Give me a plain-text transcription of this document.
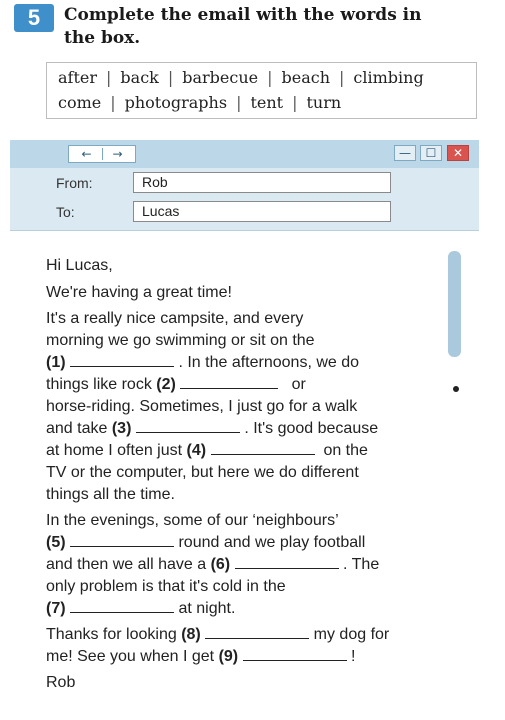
5 Complete the email with the words in
the box.
after | back | barbecue | beach | climbing
come | photographs | tent | turn
←	→	— ☐ ✕
From:	Rob
To:	Lucas
Hi Lucas,
We're having a great time!
It's a really nice campsite, and every
morning we go swimming or sit on the
(1)	. In the afternoons, we do
things like rock (2)	or
horse-riding. Sometimes, I just go for a walk
and take (3)	. It's good because
at home I often just (4)	on the
TV or the computer, but here we do different
things all the time.
In the evenings, some of our ‘neighbours’
(5)	round and we play football
and then we all have a (6)	. The
only problem is that it's cold in the
(7)	at night.
Thanks for looking (8)	my dog for
me! See you when I get (9)	!
Rob
